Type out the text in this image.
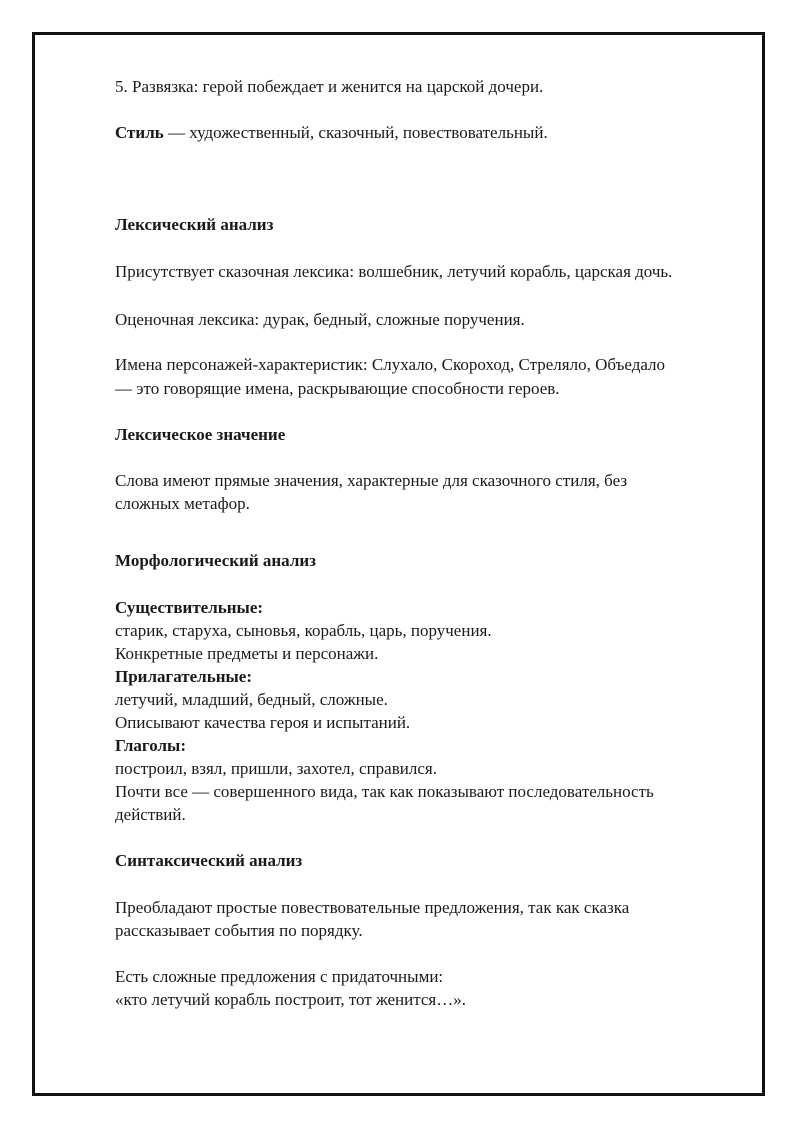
5. Развязка: герой побеждает и женится на царской дочери.

Стиль — художественный, сказочный, повествовательный.

Лексический анализ

Присутствует сказочная лексика: волшебник, летучий корабль, царская дочь.

Оценочная лексика: дурак, бедный, сложные поручения.

Имена персонажей-характеристик: Слухало, Скороход, Стреляло, Объедало

— это говорящие имена, раскрывающие способности героев.

Лексическое значение

Слова имеют прямые значения, характерные для сказочного стиля, без

сложных метафор.

Морфологический анализ

Существительные:

старик, старуха, сыновья, корабль, царь, поручения.

Конкретные предметы и персонажи.

Прилагательные:

летучий, младший, бедный, сложные.

Описывают качества героя и испытаний.

Глаголы:

построил, взял, пришли, захотел, справился.

Почти все — совершенного вида, так как показывают последовательность

действий.

Синтаксический анализ

Преобладают простые повествовательные предложения, так как сказка

рассказывает события по порядку.

Есть сложные предложения с придаточными:

«кто летучий корабль построит, тот женится…».
